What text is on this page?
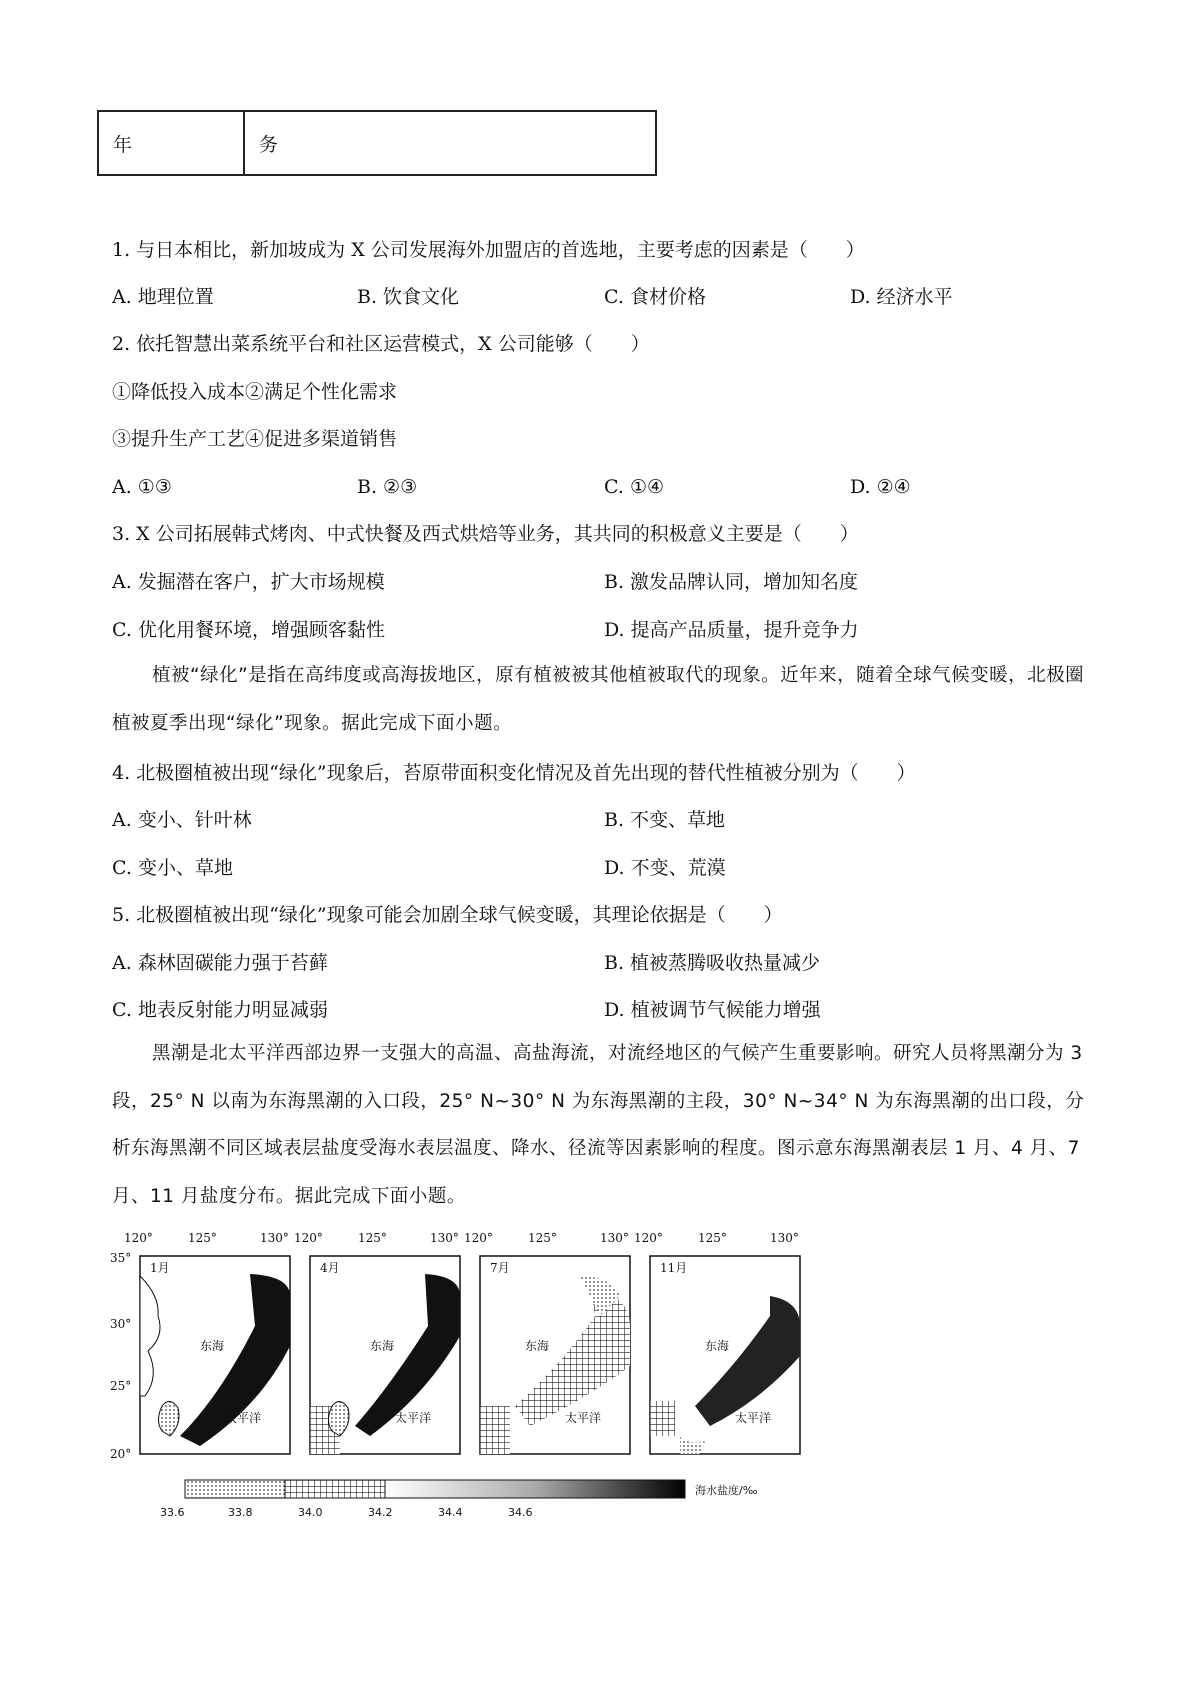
年	务
1. 与日本相比，新加坡成为 X 公司发展海外加盟店的首选地，主要考虑的因素是（　　）
A. 地理位置	B. 饮食文化	C. 食材价格	D. 经济水平
2. 依托智慧出菜系统平台和社区运营模式，X 公司能够（　　）
①降低投入成本②满足个性化需求
③提升生产工艺④促进多渠道销售
A. ①③	B. ②③	C. ①④	D. ②④
3. X 公司拓展韩式烤肉、中式快餐及西式烘焙等业务，其共同的积极意义主要是（　　）
A. 发掘潜在客户，扩大市场规模	B. 激发品牌认同，增加知名度
C. 优化用餐环境，增强顾客黏性	D. 提高产品质量，提升竞争力
植被“绿化”是指在高纬度或高海拔地区，原有植被被其他植被取代的现象。近年来，随着全球气候变暖，北极圈植被夏季出现“绿化”现象。据此完成下面小题。
4. 北极圈植被出现“绿化”现象后，苔原带面积变化情况及首先出现的替代性植被分别为（　　）
A. 变小、针叶林	B. 不变、草地
C. 变小、草地	D. 不变、荒漠
5. 北极圈植被出现“绿化”现象可能会加剧全球气候变暖，其理论依据是（　　）
A. 森林固碳能力强于苔藓	B. 植被蒸腾吸收热量减少
C. 地表反射能力明显减弱	D. 植被调节气候能力增强
黑潮是北太平洋西部边界一支强大的高温、高盐海流，对流经地区的气候产生重要影响。研究人员将黑潮分为 3 段，25° N 以南为东海黑潮的入口段，25° N~30° N 为东海黑潮的主段，30° N~34° N 为东海黑潮的出口段，分析东海黑潮不同区域表层盐度受海水表层温度、降水、径流等因素影响的程度。图示意东海黑潮表层 1 月、4 月、7 月、11 月盐度分布。据此完成下面小题。
1月
东海
太平洋
4月
东海
太平洋
7月
东海
太平洋
11月
东海
太平洋
120°	125°	130° 120°	125°	130° 120°	125°	130° 120°	125°	130°
35°
30°
25°
20°
33.6	33.8	34.0	34.2	34.4	34.6
海水盐度/‰
